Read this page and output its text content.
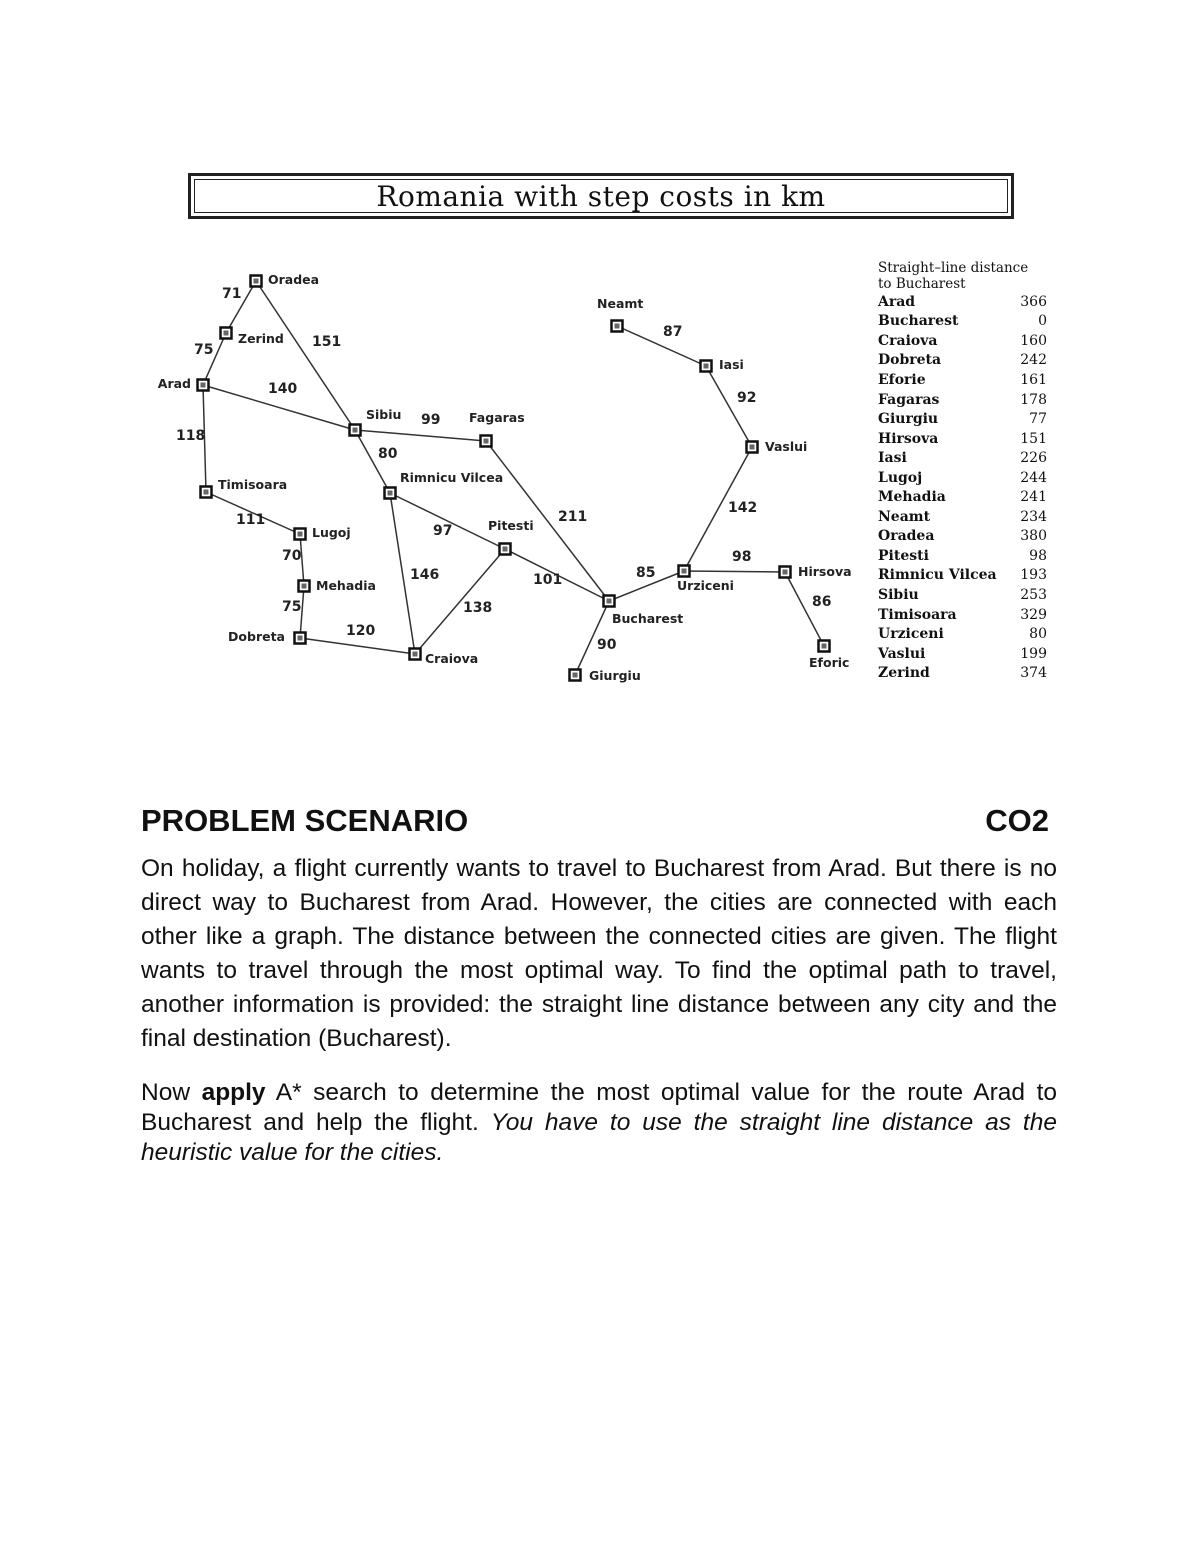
Romania with step costs in km
Oradea
Zerind
Arad
Timisoara
Lugoj
Mehadia
Dobreta
Sibiu	Fagaras
Rimnicu Vilcea
Pitesti
Craiova
Bucharest
Giurgiu
Urziceni
Hirsova
Eforic
Vaslui
Iasi
Neamt
71
75	151
140
118
111
70
75
120
99
80
97
146
138
101
211
90
85
98
86
142
92
87
Straight–line distance
to Bucharest
Arad	366
Bucharest	0
Craiova	160
Dobreta	242
Eforie	161
Fagaras	178
Giurgiu	77
Hirsova	151
Iasi	226
Lugoj	244
Mehadia	241
Neamt	234
Oradea	380
Pitesti	98
Rimnicu Vilcea	193
Sibiu	253
Timisoara	329
Urziceni	80
Vaslui	199
Zerind	374
PROBLEM SCENARIO	CO2

On holiday, a flight currently wants to travel to Bucharest from Arad. But there is no direct way to Bucharest from Arad. However, the cities are connected with each other like a graph. The distance between the connected cities are given. The flight wants to travel through the most optimal way. To find the optimal path to travel, another information is provided: the straight line distance between any city and the final destination (Bucharest).

Now apply A* search to determine the most optimal value for the route Arad to Bucharest and help the flight. You have to use the straight line distance as the heuristic value for the cities.
